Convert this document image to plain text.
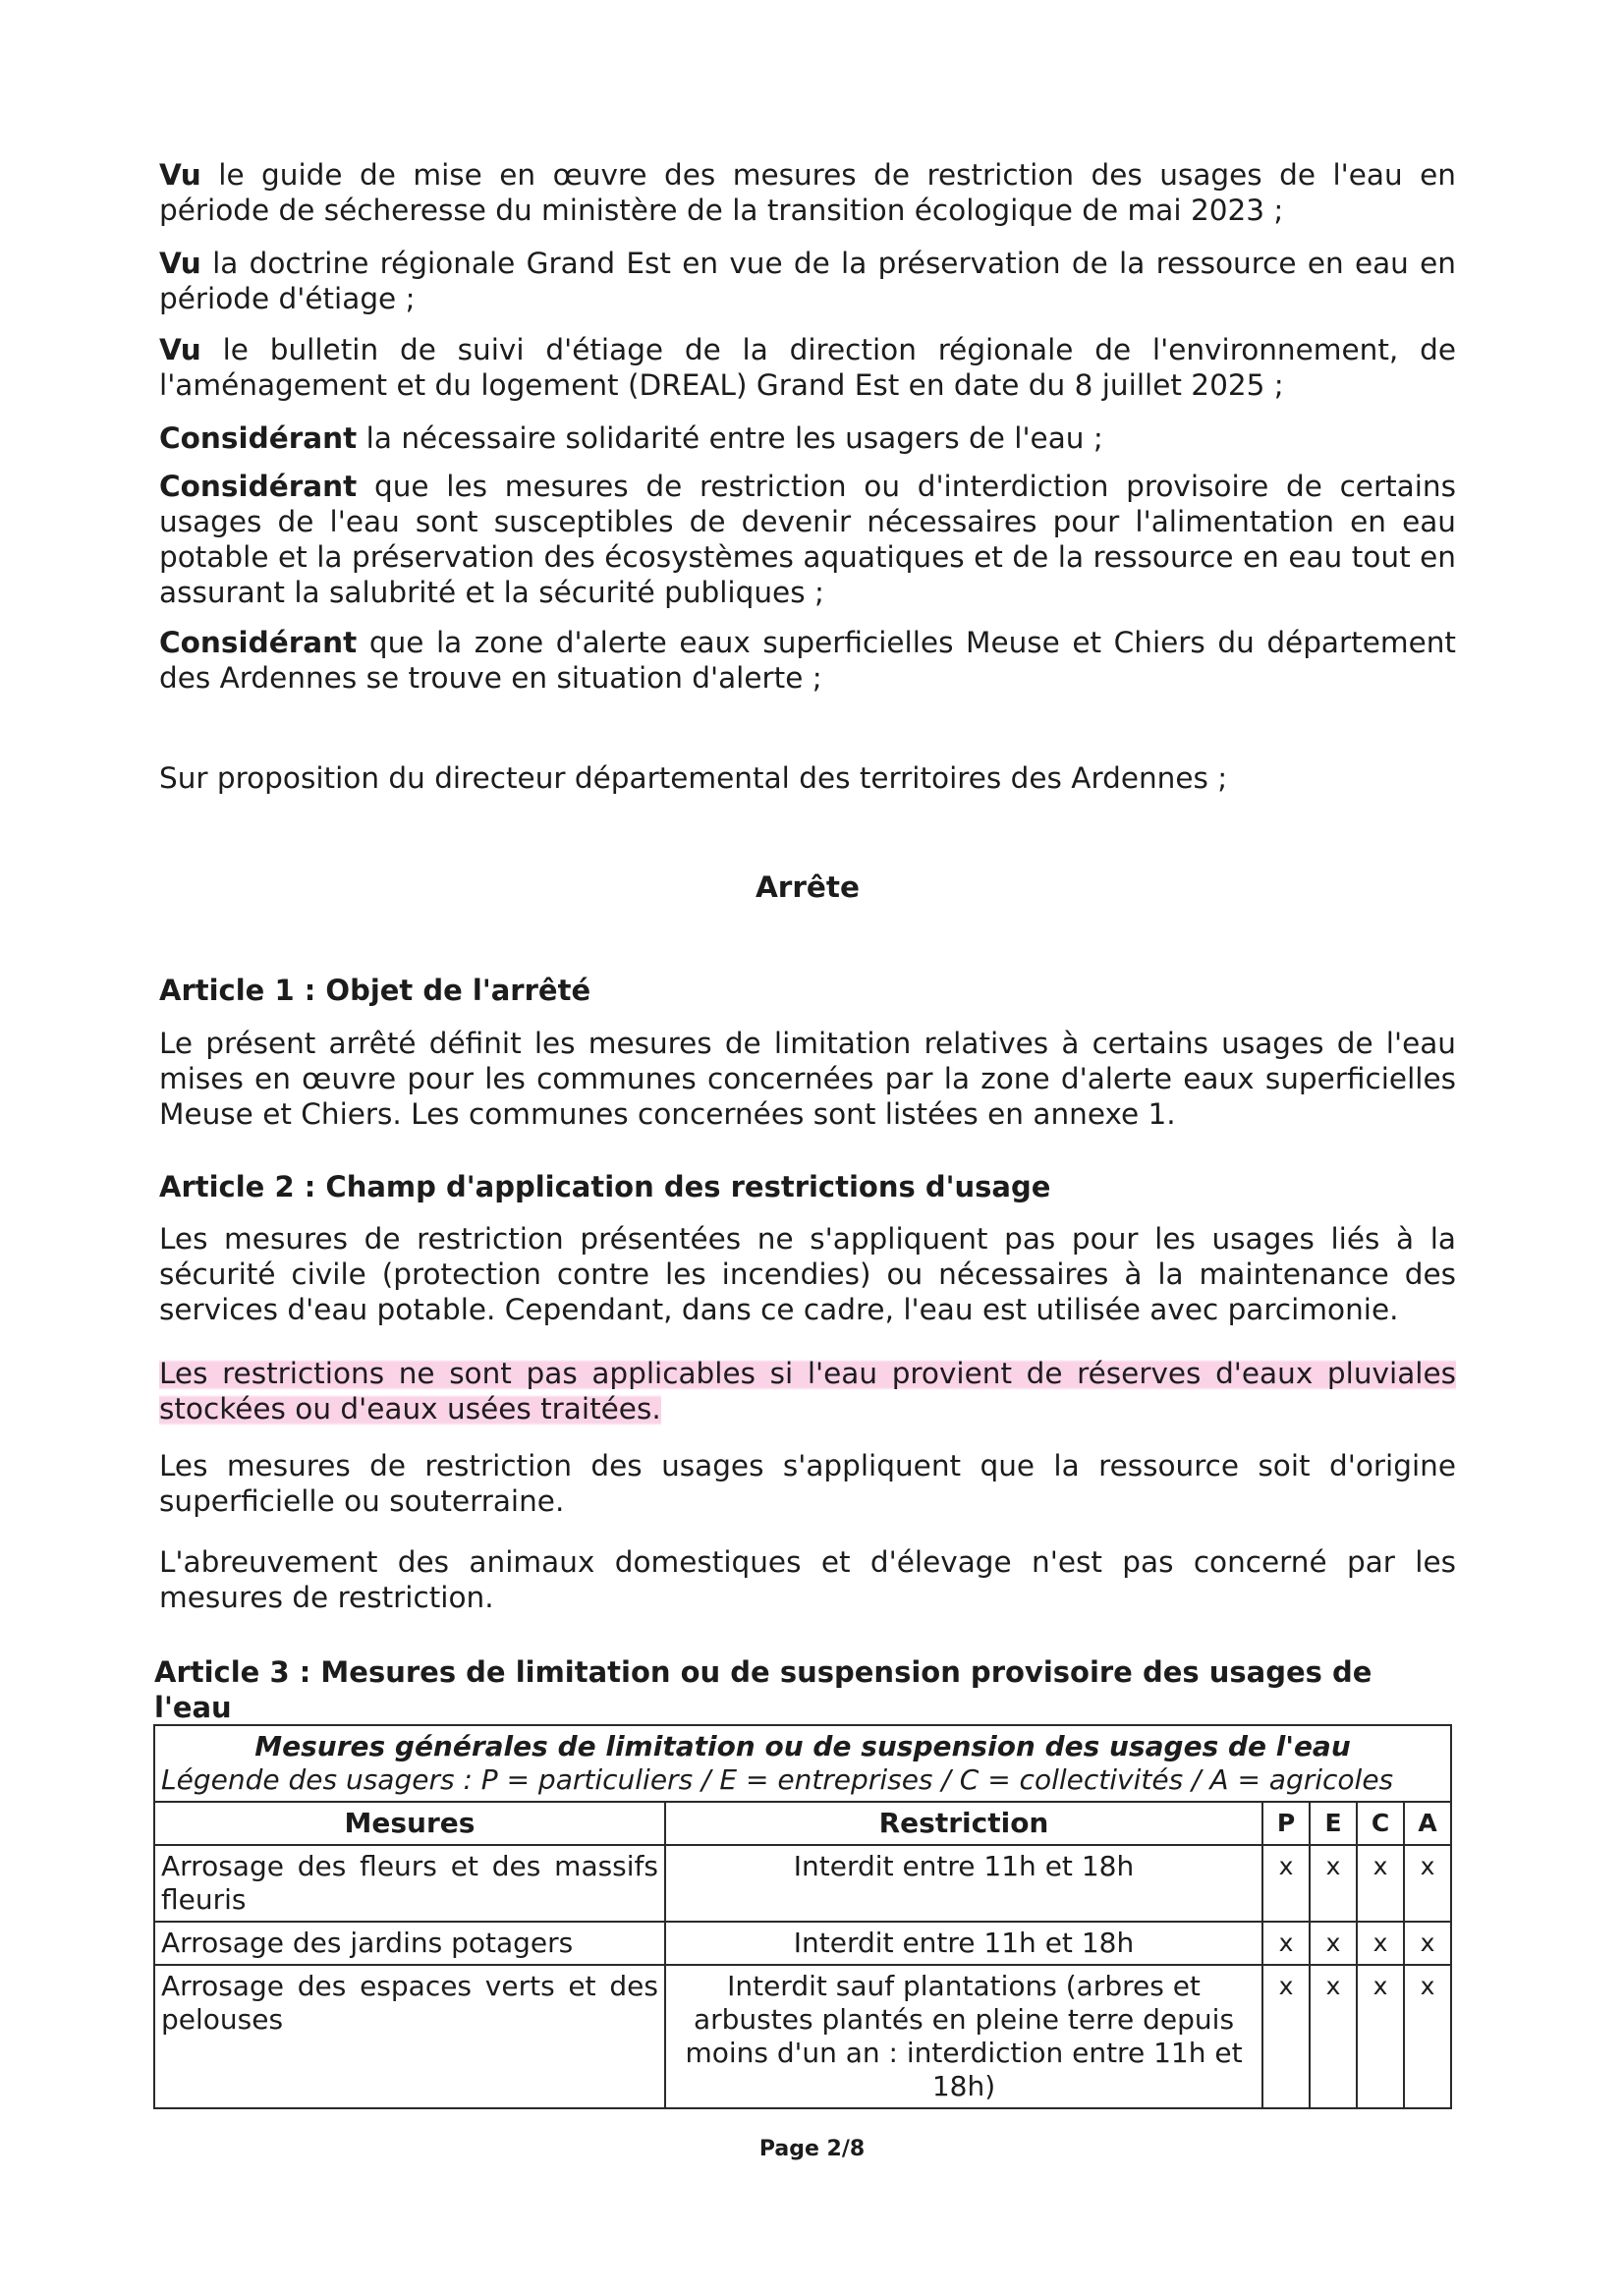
Vu le guide de mise en œuvre des mesures de restriction des usages de l'eau en période de sécheresse du ministère de la transition écologique de mai 2023 ;

Vu la doctrine régionale Grand Est en vue de la préservation de la ressource en eau en période d'étiage ;

Vu le bulletin de suivi d'étiage de la direction régionale de l'environnement, de l'aménagement et du logement (DREAL) Grand Est en date du 8 juillet 2025 ;

Considérant la nécessaire solidarité entre les usagers de l'eau ;

Considérant que les mesures de restriction ou d'interdiction provisoire de certains usages de l'eau sont susceptibles de devenir nécessaires pour l'alimentation en eau potable et la préservation des écosystèmes aquatiques et de la ressource en eau tout en assurant la salubrité et la sécurité publiques ;

Considérant que la zone d'alerte eaux superficielles Meuse et Chiers du département des Ardennes se trouve en situation d'alerte ;

Sur proposition du directeur départemental des territoires des Ardennes ;

Arrête

Article 1 : Objet de l'arrêté

Le présent arrêté définit les mesures de limitation relatives à certains usages de l'eau mises en œuvre pour les communes concernées par la zone d'alerte eaux superficielles Meuse et Chiers. Les communes concernées sont listées en annexe 1.

Article 2 : Champ d'application des restrictions d'usage

Les mesures de restriction présentées ne s'appliquent pas pour les usages liés à la sécurité civile (protection contre les incendies) ou nécessaires à la maintenance des services d'eau potable. Cependant, dans ce cadre, l'eau est utilisée avec parcimonie.

Les restrictions ne sont pas applicables si l'eau provient de réserves d'eaux pluviales stockées ou d'eaux usées traitées.

Les mesures de restriction des usages s'appliquent que la ressource soit d'origine superficielle ou souterraine.

L'abreuvement des animaux domestiques et d'élevage n'est pas concerné par les mesures de restriction.

Article 3 : Mesures de limitation ou de suspension provisoire des usages de l'eau

Mesures générales de limitation ou de suspension des usages de l'eau
Légende des usagers : P = particuliers / E = entreprises / C = collectivités / A = agricoles					

Mesures	Restriction	P	E	C	A
Arrosage des fleurs et des massifs fleuris	Interdit entre 11h et 18h	x	x	x	x
Arrosage des jardins potagers	Interdit entre 11h et 18h	x	x	x	x
Arrosage des espaces verts et des pelouses	Interdit sauf plantations (arbres et arbustes plantés en pleine terre depuis moins d'un an : interdiction entre 11h et 18h)	x	x	x	x
Page 2/8
